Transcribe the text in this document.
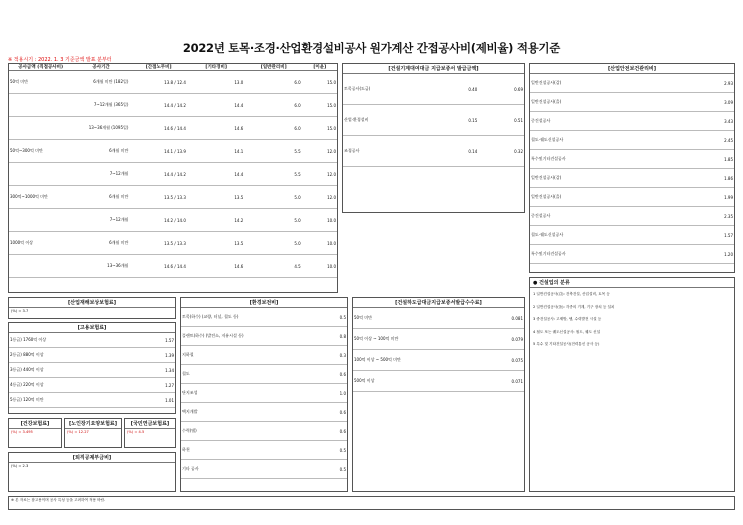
2022년 토목·조경·산업환경설비공사 원가계산 간접공사비(제비율) 적용기준
※ 적용시기 : 2022. 1. 3 기준금액 발표 분부터
공사금액 (직접공사비)	공사기간	[간접노무비]	[기타경비]	[일반관리비]	[이윤]
50억 미만	6개월 미만 (182일)	13.8 / 12.4	13.0	6.0	15.0
7~12개월 (365일)	14.4 / 14.2	14.4	6.0	15.0
13~36개월 (1095일)	14.6 / 14.4	14.6	6.0	15.0
50억~300억 미만	6개월 미만	14.1 / 13.9	14.1	5.5	12.0
7~12개월	14.4 / 14.2	14.4	5.5	12.0
300억~1000억 미만	6개월 미만	13.5 / 13.3	13.5	5.0	12.0
7~12개월	14.2 / 14.0	14.2	5.0	10.0
1000억 이상	6개월 미만	13.5 / 13.3	13.5	5.0	10.0
13~36개월	14.6 / 14.4	14.6	4.5	10.0
[건설기계대여대금 지급보증서 발급금액]
토목공사(도급)	0.40	0.69
산업·환경설비	0.15	0.51
조경공사	0.14	0.32
[산업안전보건관리비]
일반건설공사(갑)	2.93
일반건설공사(을)	3.09
중건설공사	3.43
철도·궤도신설공사	2.45
특수및기타건설공사	1.85
일반건설공사(갑)	1.86
일반건설공사(을)	1.99
중건설공사	2.35
철도·궤도신설공사	1.57
특수및기타건설공사	1.20
[산업재해보상보험료]
(%) = 3.7
[고용보험료]
1등급) 1760억 이상	1.57
2등급) 880억 이상	1.39
3등급) 440억 이상	1.34
4등급) 220억 이상	1.27
5등급) 120억 미만	1.01
[건강보험료]
(%) = 3.495
[노인장기요양보험료]
(%) = 12.27
[국민연금보험료]
(%) = 4.5
[퇴직공제부금비]
(%) = 2.3
[환경보전비]
토목(하수) (교량, 터널, 철도 등)	0.5
플랜트(하수) (발전소, 저유시설 등)	0.8
지하철	0.3
철도	0.6
단지조성	1.0
택지개발	0.6
수력(댐)	0.6
하천	0.5
기타 공사	0.5
[건설하도급대금지급보증서발급수수료]
50억 미만	0.081
50억 이상 ~ 100억 미만	0.079
100억 이상 ~ 500억 미만	0.075
500억 이상	0.071
● 건설업의 분류
1 일반건설공사(갑): 건축건설, 산업설비, 토목 등
2 일반건설공사(을): 각종의 기계, 기구 장치 등 설치
3 중건설공사: 고제방, 댐, 수력발전 시설 등
4 철도 또는 궤도신설공사: 철도, 궤도 신설
5 특수 및 기타건설공사(전력통신 공사 등)
※ 본 자료는 참고용이며 공사 특성 등을 고려하여 적용 바람.
